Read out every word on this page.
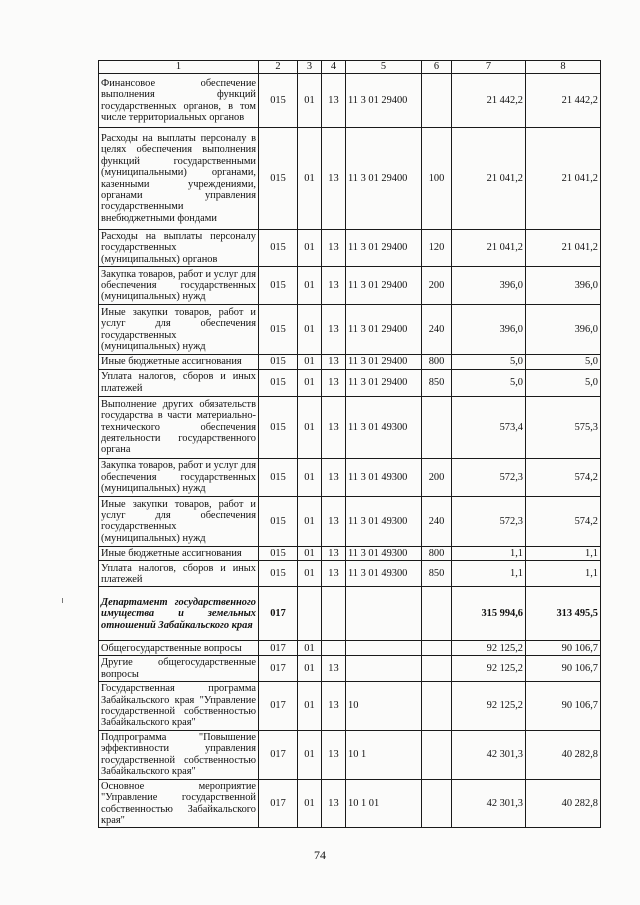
1	2	3	4	5	6	7	8
Финансовое обеспечение выполнения функций государственных органов, в том числе территориальных органов	015	01	13	11 3 01 29400		21 442,2	21 442,2
Расходы на выплаты персоналу в целях обеспечения выполнения функций государственными (муниципальными) органами, казенными учреждениями, органами управления государственными внебюджетными фондами	015	01	13	11 3 01 29400	100	21 041,2	21 041,2
Расходы на выплаты персоналу государственных (муниципальных) органов	015	01	13	11 3 01 29400	120	21 041,2	21 041,2
Закупка товаров, работ и услуг для обеспечения государственных (муниципальных) нужд	015	01	13	11 3 01 29400	200	396,0	396,0
Иные закупки товаров, работ и услуг для обеспечения государственных (муниципальных) нужд	015	01	13	11 3 01 29400	240	396,0	396,0
Иные бюджетные ассигнования	015	01	13	11 3 01 29400	800	5,0	5,0
Уплата налогов, сборов и иных платежей	015	01	13	11 3 01 29400	850	5,0	5,0
Выполнение других обязательств государства в части материально-технического обеспечения деятельности государственного органа	015	01	13	11 3 01 49300		573,4	575,3
Закупка товаров, работ и услуг для обеспечения государственных (муниципальных) нужд	015	01	13	11 3 01 49300	200	572,3	574,2
Иные закупки товаров, работ и услуг для обеспечения государственных (муниципальных) нужд	015	01	13	11 3 01 49300	240	572,3	574,2
Иные бюджетные ассигнования	015	01	13	11 3 01 49300	800	1,1	1,1
Уплата налогов, сборов и иных платежей	015	01	13	11 3 01 49300	850	1,1	1,1
Департамент государственного имущества и земельных отношений Забайкальского края	017					315 994,6	313 495,5
Общегосударственные вопросы	017	01				92 125,2	90 106,7
Другие общегосударственные вопросы	017	01	13			92 125,2	90 106,7
Государственная программа Забайкальского края "Управление государственной собственностью Забайкальского края"	017	01	13	10		92 125,2	90 106,7
Подпрограмма "Повышение эффективности управления государственной собственностью Забайкальского края"	017	01	13	10 1		42 301,3	40 282,8
Основное мероприятие "Управление государственной собственностью Забайкальского края"	017	01	13	10 1 01		42 301,3	40 282,8
74
